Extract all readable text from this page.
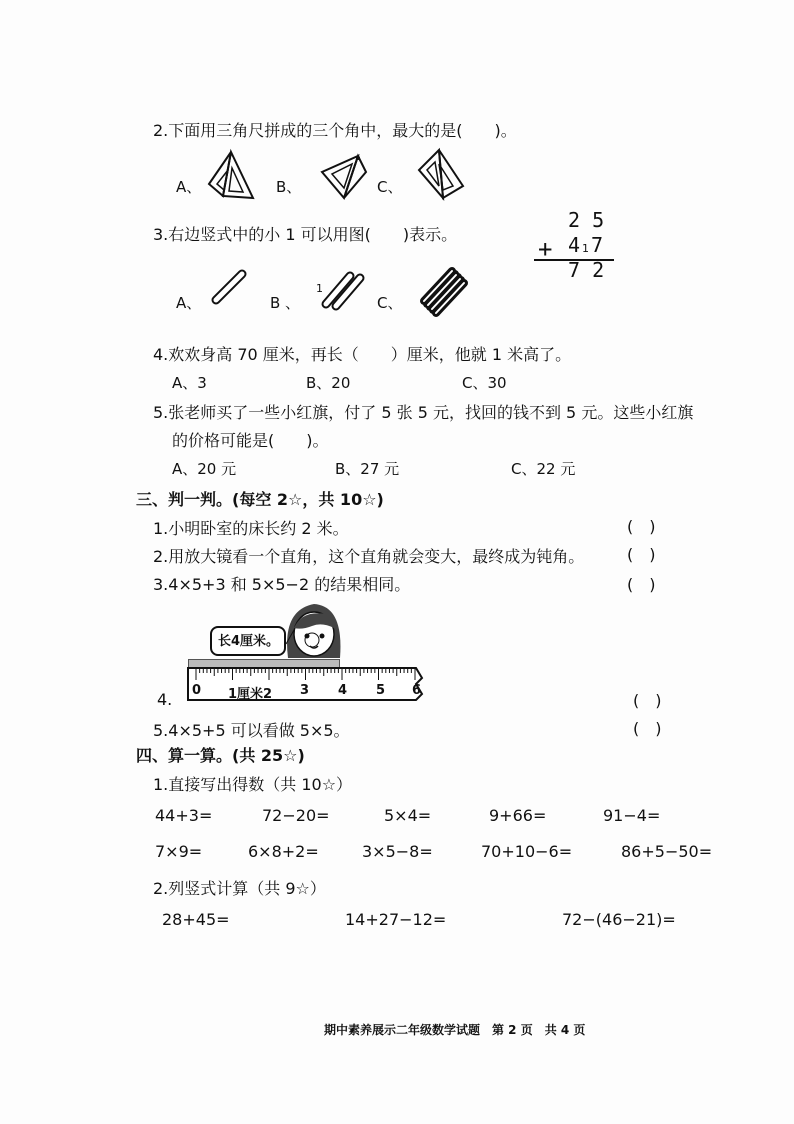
2.下面用三角尺拼成的三个角中，最大的是(　　)。
A、	B、	C、
3.右边竖式中的小 1 可以用图(　　)表示。
2 5
+ 4 1 7
7 2
A、	B 、
1
C、
4.欢欢身高 70 厘米，再长（　　）厘米，他就 1 米高了。
A、3	B、20	C、30
5.张老师买了一些小红旗，付了 5 张 5 元，找回的钱不到 5 元。这些小红旗
的价格可能是(　　)。
A、20 元	B、27 元	C、22 元
三、判一判。(每空 2☆，共 10☆)
1.小明卧室的床长约 2 米。	(　)
2.用放大镜看一个直角，这个直角就会变大，最终成为钝角。	(　)
3.4×5+3 和 5×5−2 的结果相同。	(　)
长4厘米。
0 1厘米2 3 4 5 6
4.	(　)
5.4×5+5 可以看做 5×5。	(　)
四、算一算。(共 25☆)
1.直接写出得数（共 10☆）
44+3=	72−20=	5×4=	9+66=	91−4=
7×9=	6×8+2=	3×5−8=	70+10−6=	86+5−50=
2.列竖式计算（共 9☆）
28+45=	14+27−12=	72−(46−21)=
期中素养展示二年级数学试题　第 2 页　共 4 页
